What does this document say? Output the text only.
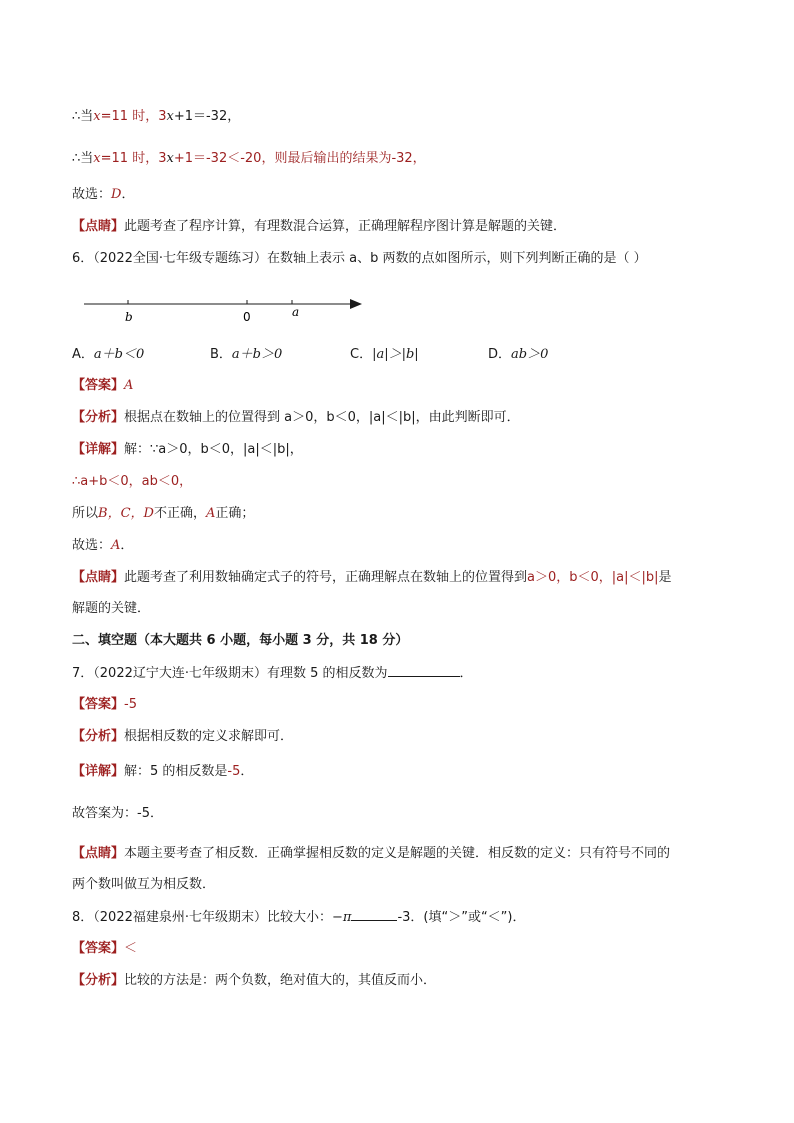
∴当x=11 时，3x+1＝-32，
∴当x=11 时，3x+1＝-32＜-20，则最后输出的结果为-32，
故选：D．
【点睛】此题考查了程序计算，有理数混合运算，正确理解程序图计算是解题的关键．
6．（2022全国·七年级专题练习）在数轴上表示 a、b 两数的点如图所示，则下列判断正确的是（ ）
b	0	a
A．a＋b＜0	B．a＋b＞0	C．|a|＞|b|	D．ab＞0
【答案】A
【分析】根据点在数轴上的位置得到 a＞0，b＜0，|a|＜|b|，由此判断即可．
【详解】解：∵a＞0，b＜0，|a|＜|b|，
∴a+b＜0，ab＜0，
所以B，C，D不正确，A正确；
故选：A．
【点睛】此题考查了利用数轴确定式子的符号，正确理解点在数轴上的位置得到a＞0，b＜0，|a|＜|b|是
解题的关键．
二、填空题（本大题共 6 小题，每小题 3 分，共 18 分）
7．（2022辽宁大连·七年级期末）有理数 5 的相反数为	．
【答案】-5
【分析】根据相反数的定义求解即可．
【详解】解：5 的相反数是-5．
故答案为：-5．
【点睛】本题主要考查了相反数．正确掌握相反数的定义是解题的关键．相反数的定义：只有符号不同的
两个数叫做互为相反数．
8．（2022福建泉州·七年级期末）比较大小：−π	-3．(填“＞”或“＜”)．
【答案】＜
【分析】比较的方法是：两个负数，绝对值大的，其值反而小．
